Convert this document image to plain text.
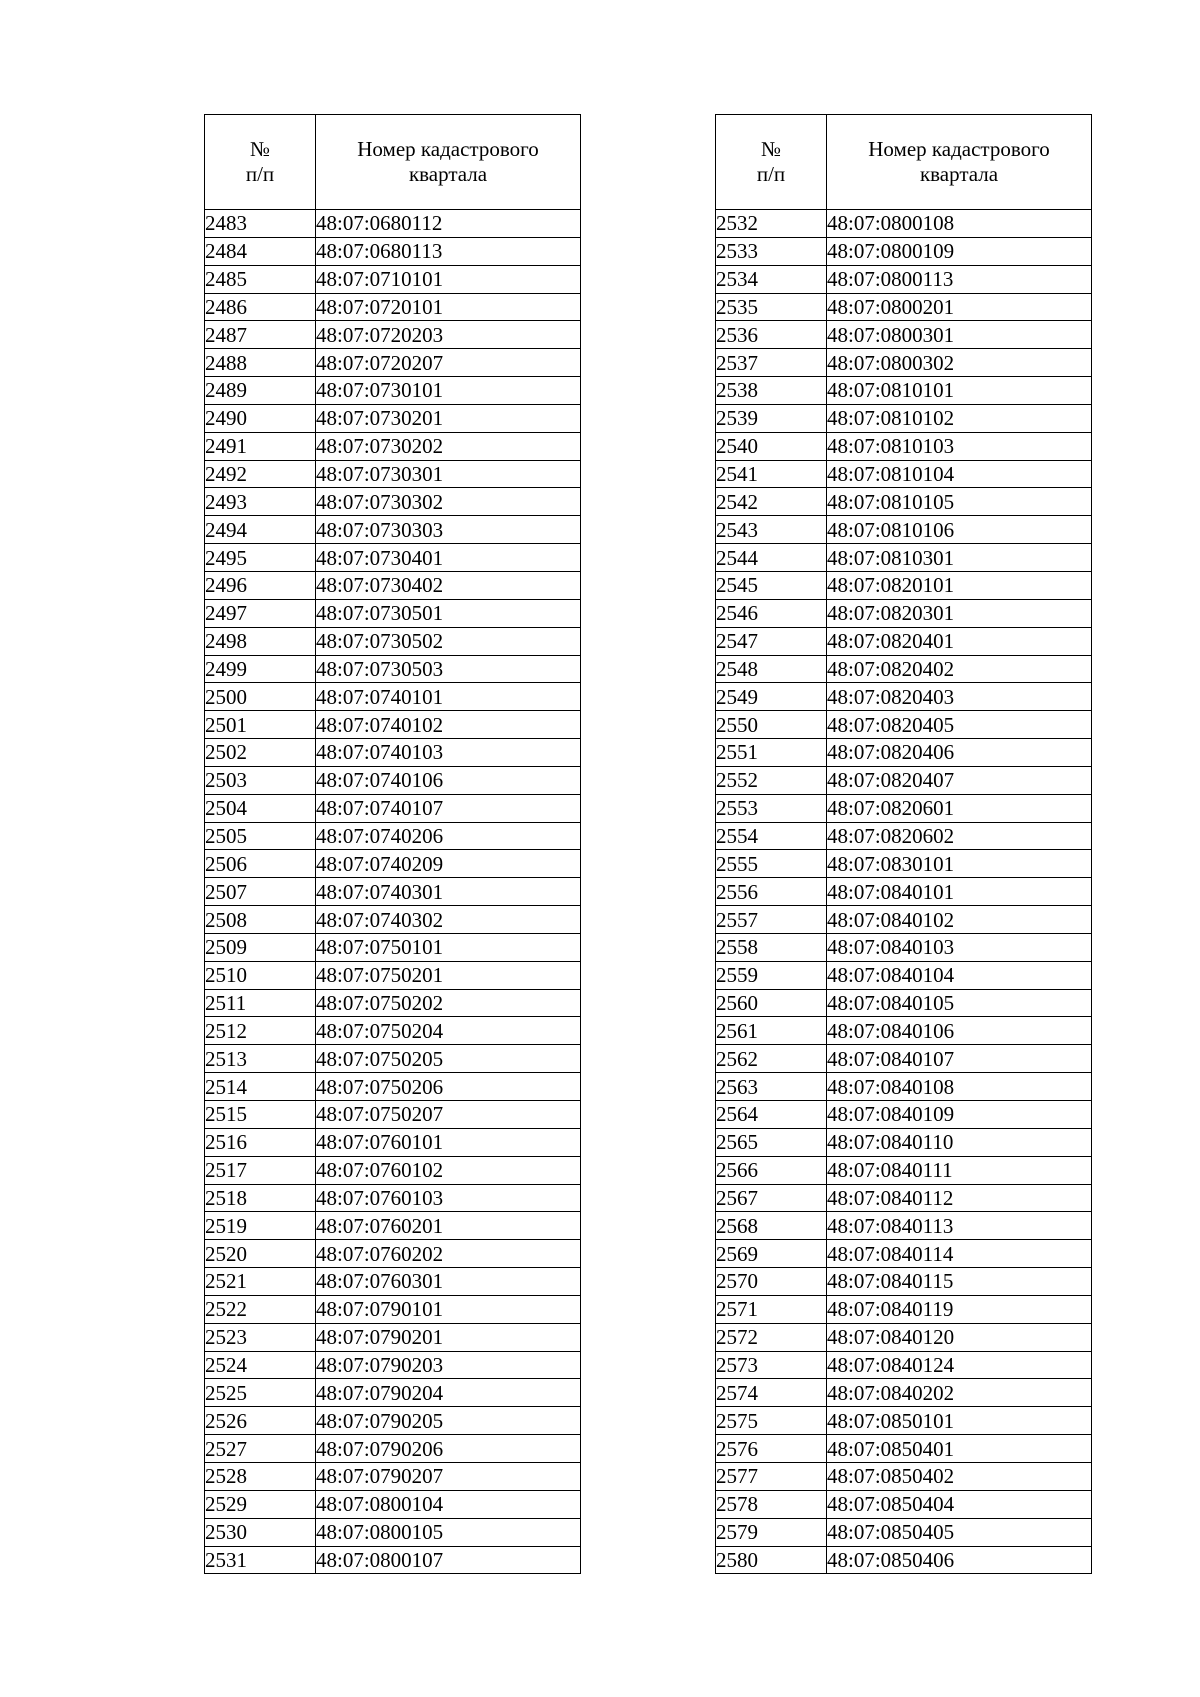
№
п/п	Номер кадастрового
квартала
2483	48:07:0680112
2484	48:07:0680113
2485	48:07:0710101
2486	48:07:0720101
2487	48:07:0720203
2488	48:07:0720207
2489	48:07:0730101
2490	48:07:0730201
2491	48:07:0730202
2492	48:07:0730301
2493	48:07:0730302
2494	48:07:0730303
2495	48:07:0730401
2496	48:07:0730402
2497	48:07:0730501
2498	48:07:0730502
2499	48:07:0730503
2500	48:07:0740101
2501	48:07:0740102
2502	48:07:0740103
2503	48:07:0740106
2504	48:07:0740107
2505	48:07:0740206
2506	48:07:0740209
2507	48:07:0740301
2508	48:07:0740302
2509	48:07:0750101
2510	48:07:0750201
2511	48:07:0750202
2512	48:07:0750204
2513	48:07:0750205
2514	48:07:0750206
2515	48:07:0750207
2516	48:07:0760101
2517	48:07:0760102
2518	48:07:0760103
2519	48:07:0760201
2520	48:07:0760202
2521	48:07:0760301
2522	48:07:0790101
2523	48:07:0790201
2524	48:07:0790203
2525	48:07:0790204
2526	48:07:0790205
2527	48:07:0790206
2528	48:07:0790207
2529	48:07:0800104
2530	48:07:0800105
2531	48:07:0800107
№
п/п	Номер кадастрового
квартала
2532	48:07:0800108
2533	48:07:0800109
2534	48:07:0800113
2535	48:07:0800201
2536	48:07:0800301
2537	48:07:0800302
2538	48:07:0810101
2539	48:07:0810102
2540	48:07:0810103
2541	48:07:0810104
2542	48:07:0810105
2543	48:07:0810106
2544	48:07:0810301
2545	48:07:0820101
2546	48:07:0820301
2547	48:07:0820401
2548	48:07:0820402
2549	48:07:0820403
2550	48:07:0820405
2551	48:07:0820406
2552	48:07:0820407
2553	48:07:0820601
2554	48:07:0820602
2555	48:07:0830101
2556	48:07:0840101
2557	48:07:0840102
2558	48:07:0840103
2559	48:07:0840104
2560	48:07:0840105
2561	48:07:0840106
2562	48:07:0840107
2563	48:07:0840108
2564	48:07:0840109
2565	48:07:0840110
2566	48:07:0840111
2567	48:07:0840112
2568	48:07:0840113
2569	48:07:0840114
2570	48:07:0840115
2571	48:07:0840119
2572	48:07:0840120
2573	48:07:0840124
2574	48:07:0840202
2575	48:07:0850101
2576	48:07:0850401
2577	48:07:0850402
2578	48:07:0850404
2579	48:07:0850405
2580	48:07:0850406
